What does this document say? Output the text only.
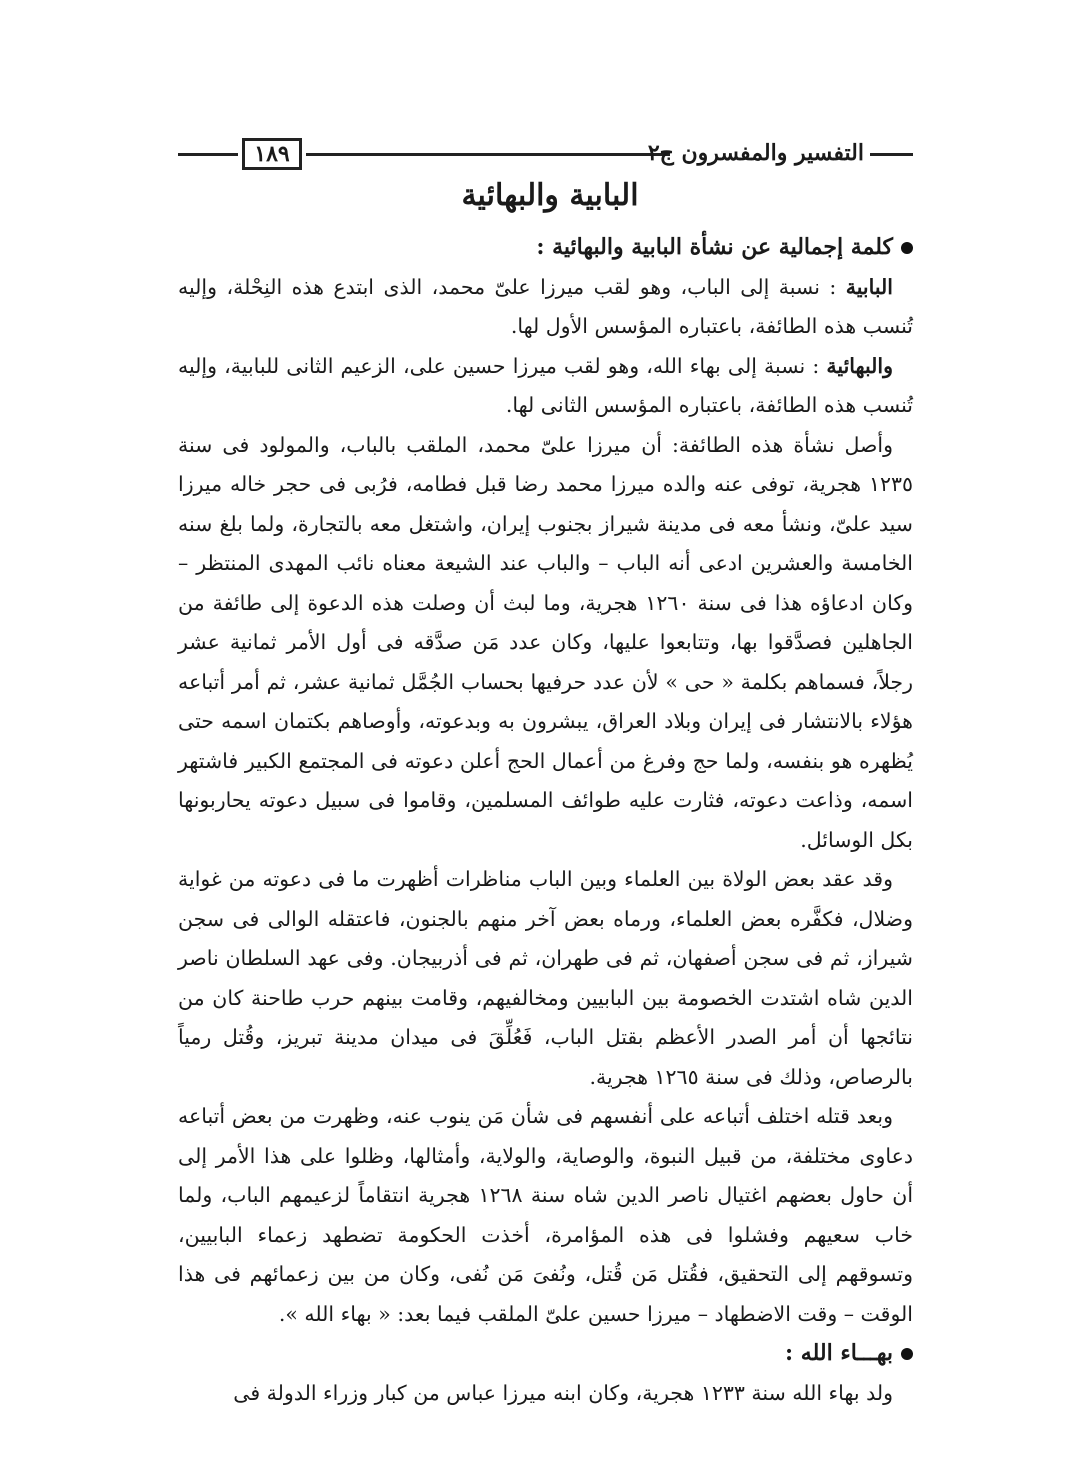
١٨٩	التفسير والمفسرون ج٢
البابية والبهائية

كلمة إجمالية عن نشأة البابية والبهائية :

البابية : نسبة إلى الباب، وهو لقب ميرزا علىّ محمد، الذى ابتدع هذه النِحْلة، وإليه تُنسب هذه الطائفة، باعتباره المؤسس الأول لها.

والبهائية : نسبة إلى بهاء الله، وهو لقب ميرزا حسين على، الزعيم الثانى للبابية، وإليه تُنسب هذه الطائفة، باعتباره المؤسس الثانى لها.

وأصل نشأة هذه الطائفة: أن ميرزا علىّ محمد، الملقب بالباب، والمولود فى سنة ١٢٣٥ هجرية، توفى عنه والده ميرزا محمد رضا قبل فطامه، فرُبى فى حجر خاله ميرزا سيد علىّ، ونشأ معه فى مدينة شيراز بجنوب إيران، واشتغل معه بالتجارة، ولما بلغ سنه الخامسة والعشرين ادعى أنه الباب – والباب عند الشيعة معناه نائب المهدى المنتظر – وكان ادعاؤه هذا فى سنة ١٢٦٠ هجرية، وما لبث أن وصلت هذه الدعوة إلى طائفة من الجاهلين فصدَّقوا بها، وتتابعوا عليها، وكان عدد مَن صدَّقه فى أول الأمر ثمانية عشر رجلاً، فسماهم بكلمة « حى » لأن عدد حرفيها بحساب الجُمَّل ثمانية عشر، ثم أمر أتباعه هؤلاء بالانتشار فى إيران وبلاد العراق، يبشرون به وبدعوته، وأوصاهم بكتمان اسمه حتى يُظهره هو بنفسه، ولما حج وفرغ من أعمال الحج أعلن دعوته فى المجتمع الكبير فاشتهر اسمه، وذاعت دعوته، فثارت عليه طوائف المسلمين، وقاموا فى سبيل دعوته يحاربونها بكل الوسائل.

وقد عقد بعض الولاة بين العلماء وبين الباب مناظرات أظهرت ما فى دعوته من غواية وضلال، فكفَّره بعض العلماء، ورماه بعض آخر منهم بالجنون، فاعتقله الوالى فى سجن شيراز، ثم فى سجن أصفهان، ثم فى طهران، ثم فى أذربيجان. وفى عهد السلطان ناصر الدين شاه اشتدت الخصومة بين البابيين ومخالفيهم، وقامت بينهم حرب طاحنة كان من نتائجها أن أمر الصدر الأعظم بقتل الباب، فَعُلِّقَ فى ميدان مدينة تبريز، وقُتل رمياً بالرصاص، وذلك فى سنة ١٢٦٥ هجرية.

وبعد قتله اختلف أتباعه على أنفسهم فى شأن مَن ينوب عنه، وظهرت من بعض أتباعه دعاوى مختلفة، من قبيل النبوة، والوصاية، والولاية، وأمثالها، وظلوا على هذا الأمر إلى أن حاول بعضهم اغتيال ناصر الدين شاه سنة ١٢٦٨ هجرية انتقاماً لزعيمهم الباب، ولما خاب سعيهم وفشلوا فى هذه المؤامرة، أخذت الحكومة تضطهد زعماء البابيين، وتسوقهم إلى التحقيق، فقُتل مَن قُتل، ونُفىَ مَن نُفى، وكان من بين زعمائهم فى هذا الوقت – وقت الاضطهاد – ميرزا حسين علىّ الملقب فيما بعد: « بهاء الله ».

بهـــاء الله :

ولد بهاء الله سنة ١٢٣٣ هجرية، وكان ابنه ميرزا عباس من كبار وزراء الدولة فى
